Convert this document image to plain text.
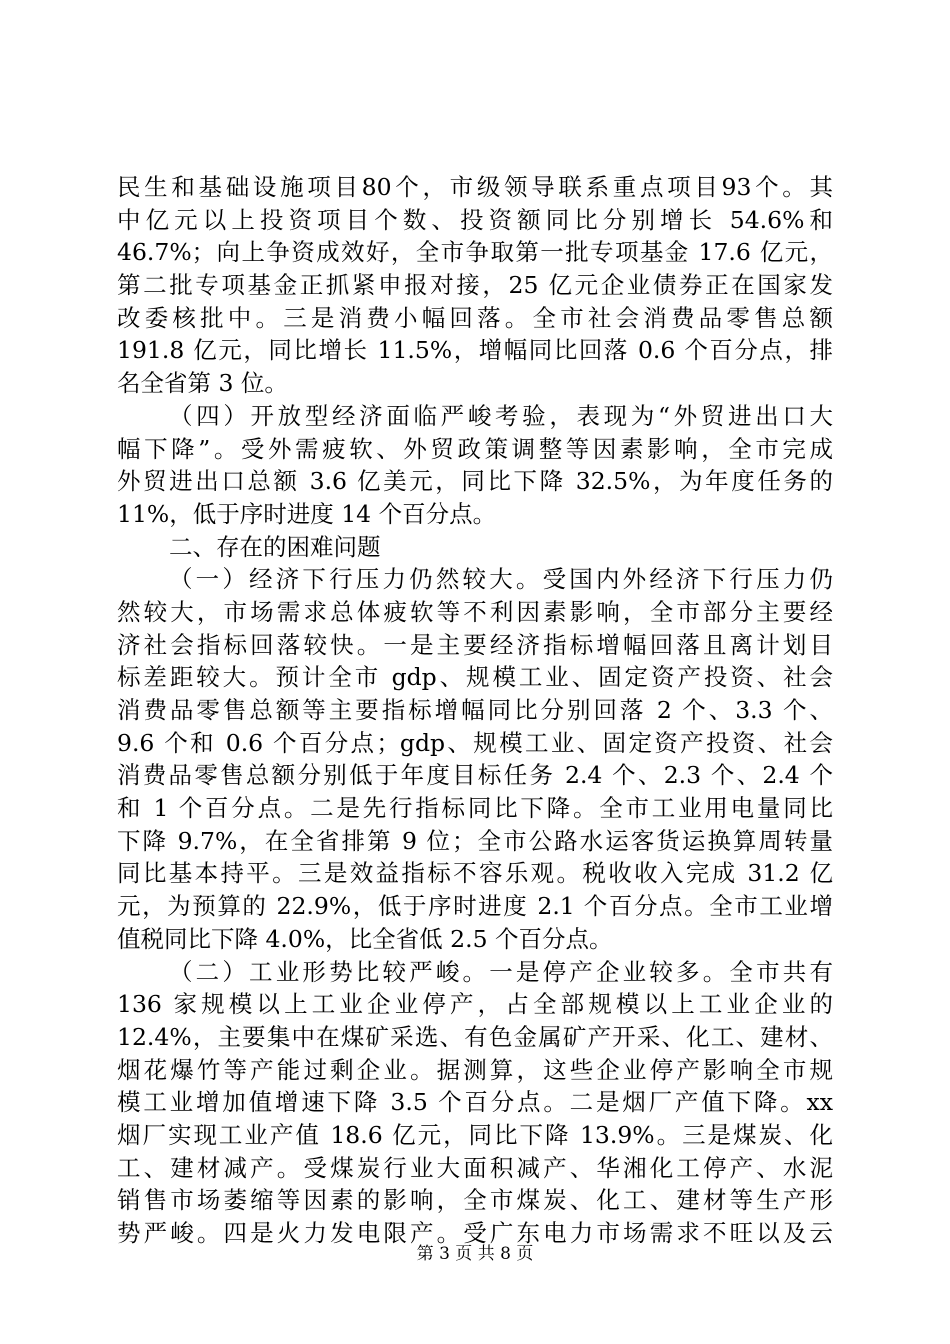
民生和基础设施项目80个，市级领导联系重点项目93个。其
中亿元以上投资项目个数、投资额同比分别增长 54.6%和
46.7%；向上争资成效好，全市争取第一批专项基金 17.6 亿元，
第二批专项基金正抓紧申报对接，25 亿元企业债券正在国家发
改委核批中。三是消费小幅回落。全市社会消费品零售总额
191.8 亿元，同比增长 11.5%，增幅同比回落 0.6 个百分点，排
名全省第 3 位。
（四）开放型经济面临严峻考验，表现为“外贸进出口大
幅下降”。受外需疲软、外贸政策调整等因素影响，全市完成
外贸进出口总额 3.6 亿美元，同比下降 32.5%，为年度任务的
11%，低于序时进度 14 个百分点。
二、存在的困难问题
（一）经济下行压力仍然较大。受国内外经济下行压力仍
然较大，市场需求总体疲软等不利因素影响，全市部分主要经
济社会指标回落较快。一是主要经济指标增幅回落且离计划目
标差距较大。预计全市 gdp、规模工业、固定资产投资、社会
消费品零售总额等主要指标增幅同比分别回落 2 个、3.3 个、
9.6 个和 0.6 个百分点；gdp、规模工业、固定资产投资、社会
消费品零售总额分别低于年度目标任务 2.4 个、2.3 个、2.4 个
和 1 个百分点。二是先行指标同比下降。全市工业用电量同比
下降 9.7%，在全省排第 9 位；全市公路水运客货运换算周转量
同比基本持平。三是效益指标不容乐观。税收收入完成 31.2 亿
元，为预算的 22.9%，低于序时进度 2.1 个百分点。全市工业增
值税同比下降 4.0%，比全省低 2.5 个百分点。
（二）工业形势比较严峻。一是停产企业较多。全市共有
136 家规模以上工业企业停产，占全部规模以上工业企业的
12.4%，主要集中在煤矿采选、有色金属矿产开采、化工、建材、
烟花爆竹等产能过剩企业。据测算，这些企业停产影响全市规
模工业增加值增速下降 3.5 个百分点。二是烟厂产值下降。xx
烟厂实现工业产值 18.6 亿元，同比下降 13.9%。三是煤炭、化
工、建材减产。受煤炭行业大面积减产、华湘化工停产、水泥
销售市场萎缩等因素的影响，全市煤炭、化工、建材等生产形
势严峻。四是火力发电限产。受广东电力市场需求不旺以及云
第 3 页 共 8 页
